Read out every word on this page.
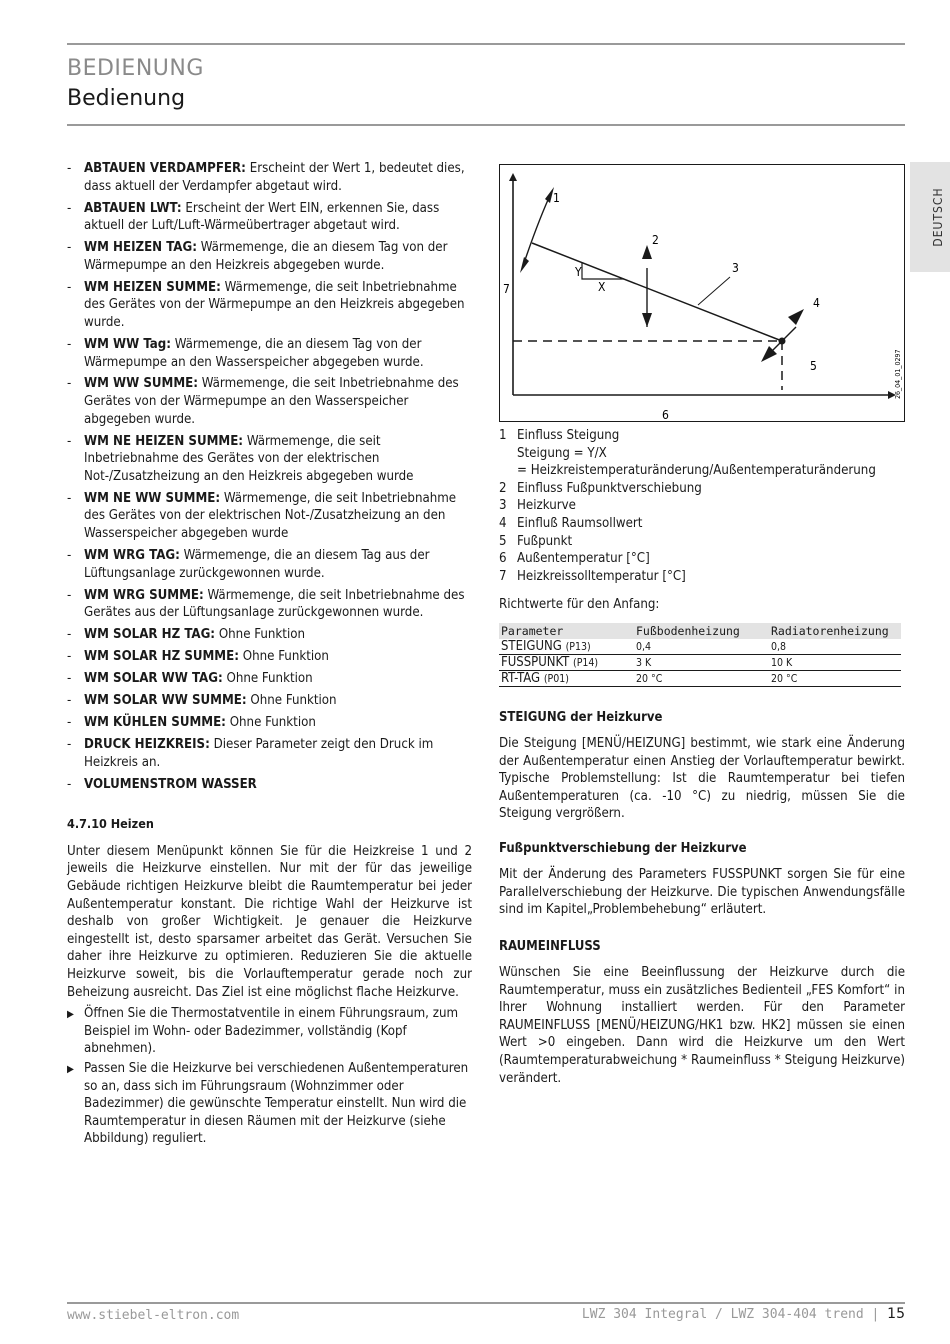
BEDIENUNG
Bedienung
DEUTSCH
- ABTAUEN VERDAMPFER: Erscheint der Wert 1, bedeutet dies, dass aktuell der Verdampfer abgetaut wird.
- ABTAUEN LWT: Erscheint der Wert EIN, erkennen Sie, dass aktuell der Luft/Luft-Wärmeübertrager abgetaut wird.
- WM HEIZEN TAG: Wärmemenge, die an diesem Tag von der Wärmepumpe an den Heizkreis abgegeben wurde.
- WM HEIZEN SUMME: Wärmemenge, die seit Inbetriebnahme des Gerätes von der Wärmepumpe an den Heizkreis abgegeben wurde.
- WM WW Tag: Wärmemenge, die an diesem Tag von der Wärmepumpe an den Wasserspeicher abgegeben wurde.
- WM WW SUMME: Wärmemenge, die seit Inbetriebnahme des Gerätes von der Wärmepumpe an den Wasserspeicher abgegeben wurde.
- WM NE HEIZEN SUMME: Wärmemenge, die seit Inbetriebnahme des Gerätes von der elektrischen Not-/Zusatzheizung an den Heizkreis abgegeben wurde
- WM NE WW SUMME: Wärmemenge, die seit Inbetriebnahme des Gerätes von der elektrischen Not-/Zusatzheizung an den Wasserspeicher abgegeben wurde
- WM WRG TAG: Wärmemenge, die an diesem Tag aus der Lüftungsanlage zurückgewonnen wurde.
- WM WRG SUMME: Wärmemenge, die seit Inbetriebnahme des Gerätes aus der Lüftungsanlage zurückgewonnen wurde.
- WM SOLAR HZ TAG: Ohne Funktion
- WM SOLAR HZ SUMME: Ohne Funktion
- WM SOLAR WW TAG: Ohne Funktion
- WM SOLAR WW SUMME: Ohne Funktion
- WM KÜHLEN SUMME: Ohne Funktion
- DRUCK HEIZKREIS: Dieser Parameter zeigt den Druck im Heizkreis an.
- VOLUMENSTROM WASSER
4.7.10 Heizen
Unter diesem Menüpunkt können Sie für die Heizkreise 1 und 2 jeweils die Heizkurve einstellen. Nur mit der für das jeweilige Gebäude richtigen Heizkurve bleibt die Raumtemperatur bei jeder Außentemperatur konstant. Die richtige Wahl der Heizkurve ist deshalb von großer Wichtigkeit. Je genauer die Heizkurve eingestellt ist, desto sparsamer arbeitet das Gerät. Versuchen Sie daher ihre Heizkurve zu optimieren. Reduzieren Sie die aktuelle Heizkurve soweit, bis die Vorlauftemperatur gerade noch zur Beheizung ausreicht. Das Ziel ist eine möglichst flache Heizkurve.
▶ Öffnen Sie die Thermostatventile in einem Führungsraum, zum Beispiel im Wohn- oder Badezimmer, vollständig (Kopf abnehmen).
▶ Passen Sie die Heizkurve bei verschiedenen Außentemperaturen so an, dass sich im Führungsraum (Wohnzimmer oder Badezimmer) die gewünschte Temperatur einstellt. Nun wird die Raumtemperatur in diesen Räumen mit der Heizkurve (siehe Abbildung) reguliert.
1
2
3
4
5
6
7
Y
X
26_04_01_0297
1 Einfluss Steigung
Steigung = Y/X
= Heizkreistemperaturänderung/Außentemperaturänderung
2 Einfluss Fußpunktverschiebung
3 Heizkurve
4 Einfluß Raumsollwert
5 Fußpunkt
6 Außentemperatur [°C]
7 Heizkreissolltemperatur [°C]
Richtwerte für den Anfang:
Parameter	Fußbodenheizung	Radiatorenheizung
STEIGUNG (P13)	0,4	0,8
FUSSPUNKT (P14)	3 K	10 K
RT-TAG (P01)	20 °C	20 °C
STEIGUNG der Heizkurve
Die Steigung [MENÜ/HEIZUNG] bestimmt, wie stark eine Änderung der Außentemperatur einen Anstieg der Vorlauftemperatur bewirkt. Typische Problemstellung: Ist die Raumtemperatur bei tiefen Außentemperaturen (ca. -10 °C) zu niedrig, müssen Sie die Steigung vergrößern.
Fußpunktverschiebung der Heizkurve
Mit der Änderung des Parameters FUSSPUNKT sorgen Sie für eine Parallelverschiebung der Heizkurve. Die typischen Anwendungsfälle sind im Kapitel„Problembehebung“ erläutert.
RAUMEINFLUSS
Wünschen Sie eine Beeinflussung der Heizkurve durch die Raumtemperatur, muss ein zusätzliches Bedienteil „FES Komfort“ in Ihrer Wohnung installiert werden. Für den Parameter RAUMEINFLUSS [MENÜ/HEIZUNG/HK1 bzw. HK2] müssen sie einen Wert >0 eingeben. Dann wird die Heizkurve um den Wert (Raumtemperaturabweichung * Raumeinfluss * Steigung Heizkurve) verändert.
www.stiebel-eltron.com	LWZ 304 Integral / LWZ 304-404 trend | 15
